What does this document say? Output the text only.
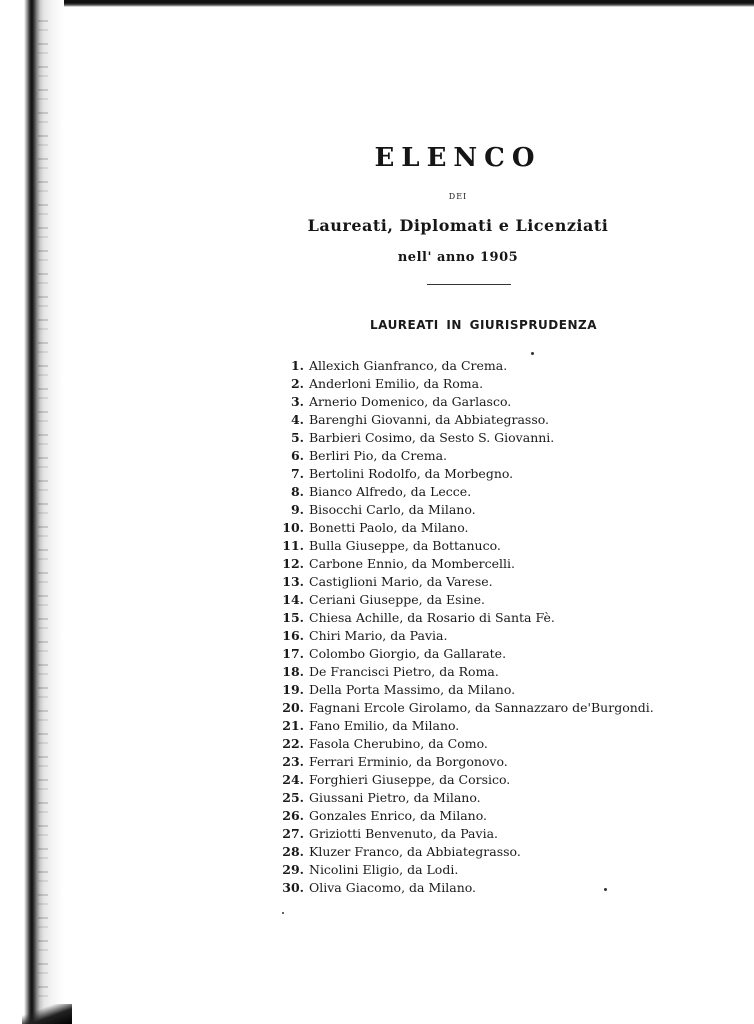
ELENCO
DEI
Laureati, Diplomati e Licenziati
nell' anno 1905
LAUREATI IN GIURISPRUDENZA
1. Allexich Gianfranco, da Crema.
2. Anderloni Emilio, da Roma.
3. Arnerio Domenico, da Garlasco.
4. Barenghi Giovanni, da Abbiategrasso.
5. Barbieri Cosimo, da Sesto S. Giovanni.
6. Berliri Pio, da Crema.
7. Bertolini Rodolfo, da Morbegno.
8. Bianco Alfredo, da Lecce.
9. Bisocchi Carlo, da Milano.
10. Bonetti Paolo, da Milano.
11. Bulla Giuseppe, da Bottanuco.
12. Carbone Ennio, da Mombercelli.
13. Castiglioni Mario, da Varese.
14. Ceriani Giuseppe, da Esine.
15. Chiesa Achille, da Rosario di Santa Fè.
16. Chiri Mario, da Pavia.
17. Colombo Giorgio, da Gallarate.
18. De Francisci Pietro, da Roma.
19. Della Porta Massimo, da Milano.
20. Fagnani Ercole Girolamo, da Sannazzaro de'Burgondi.
21. Fano Emilio, da Milano.
22. Fasola Cherubino, da Como.
23. Ferrari Erminio, da Borgonovo.
24. Forghieri Giuseppe, da Corsico.
25. Giussani Pietro, da Milano.
26. Gonzales Enrico, da Milano.
27. Griziotti Benvenuto, da Pavia.
28. Kluzer Franco, da Abbiategrasso.
29. Nicolini Eligio, da Lodi.
30. Oliva Giacomo, da Milano.
